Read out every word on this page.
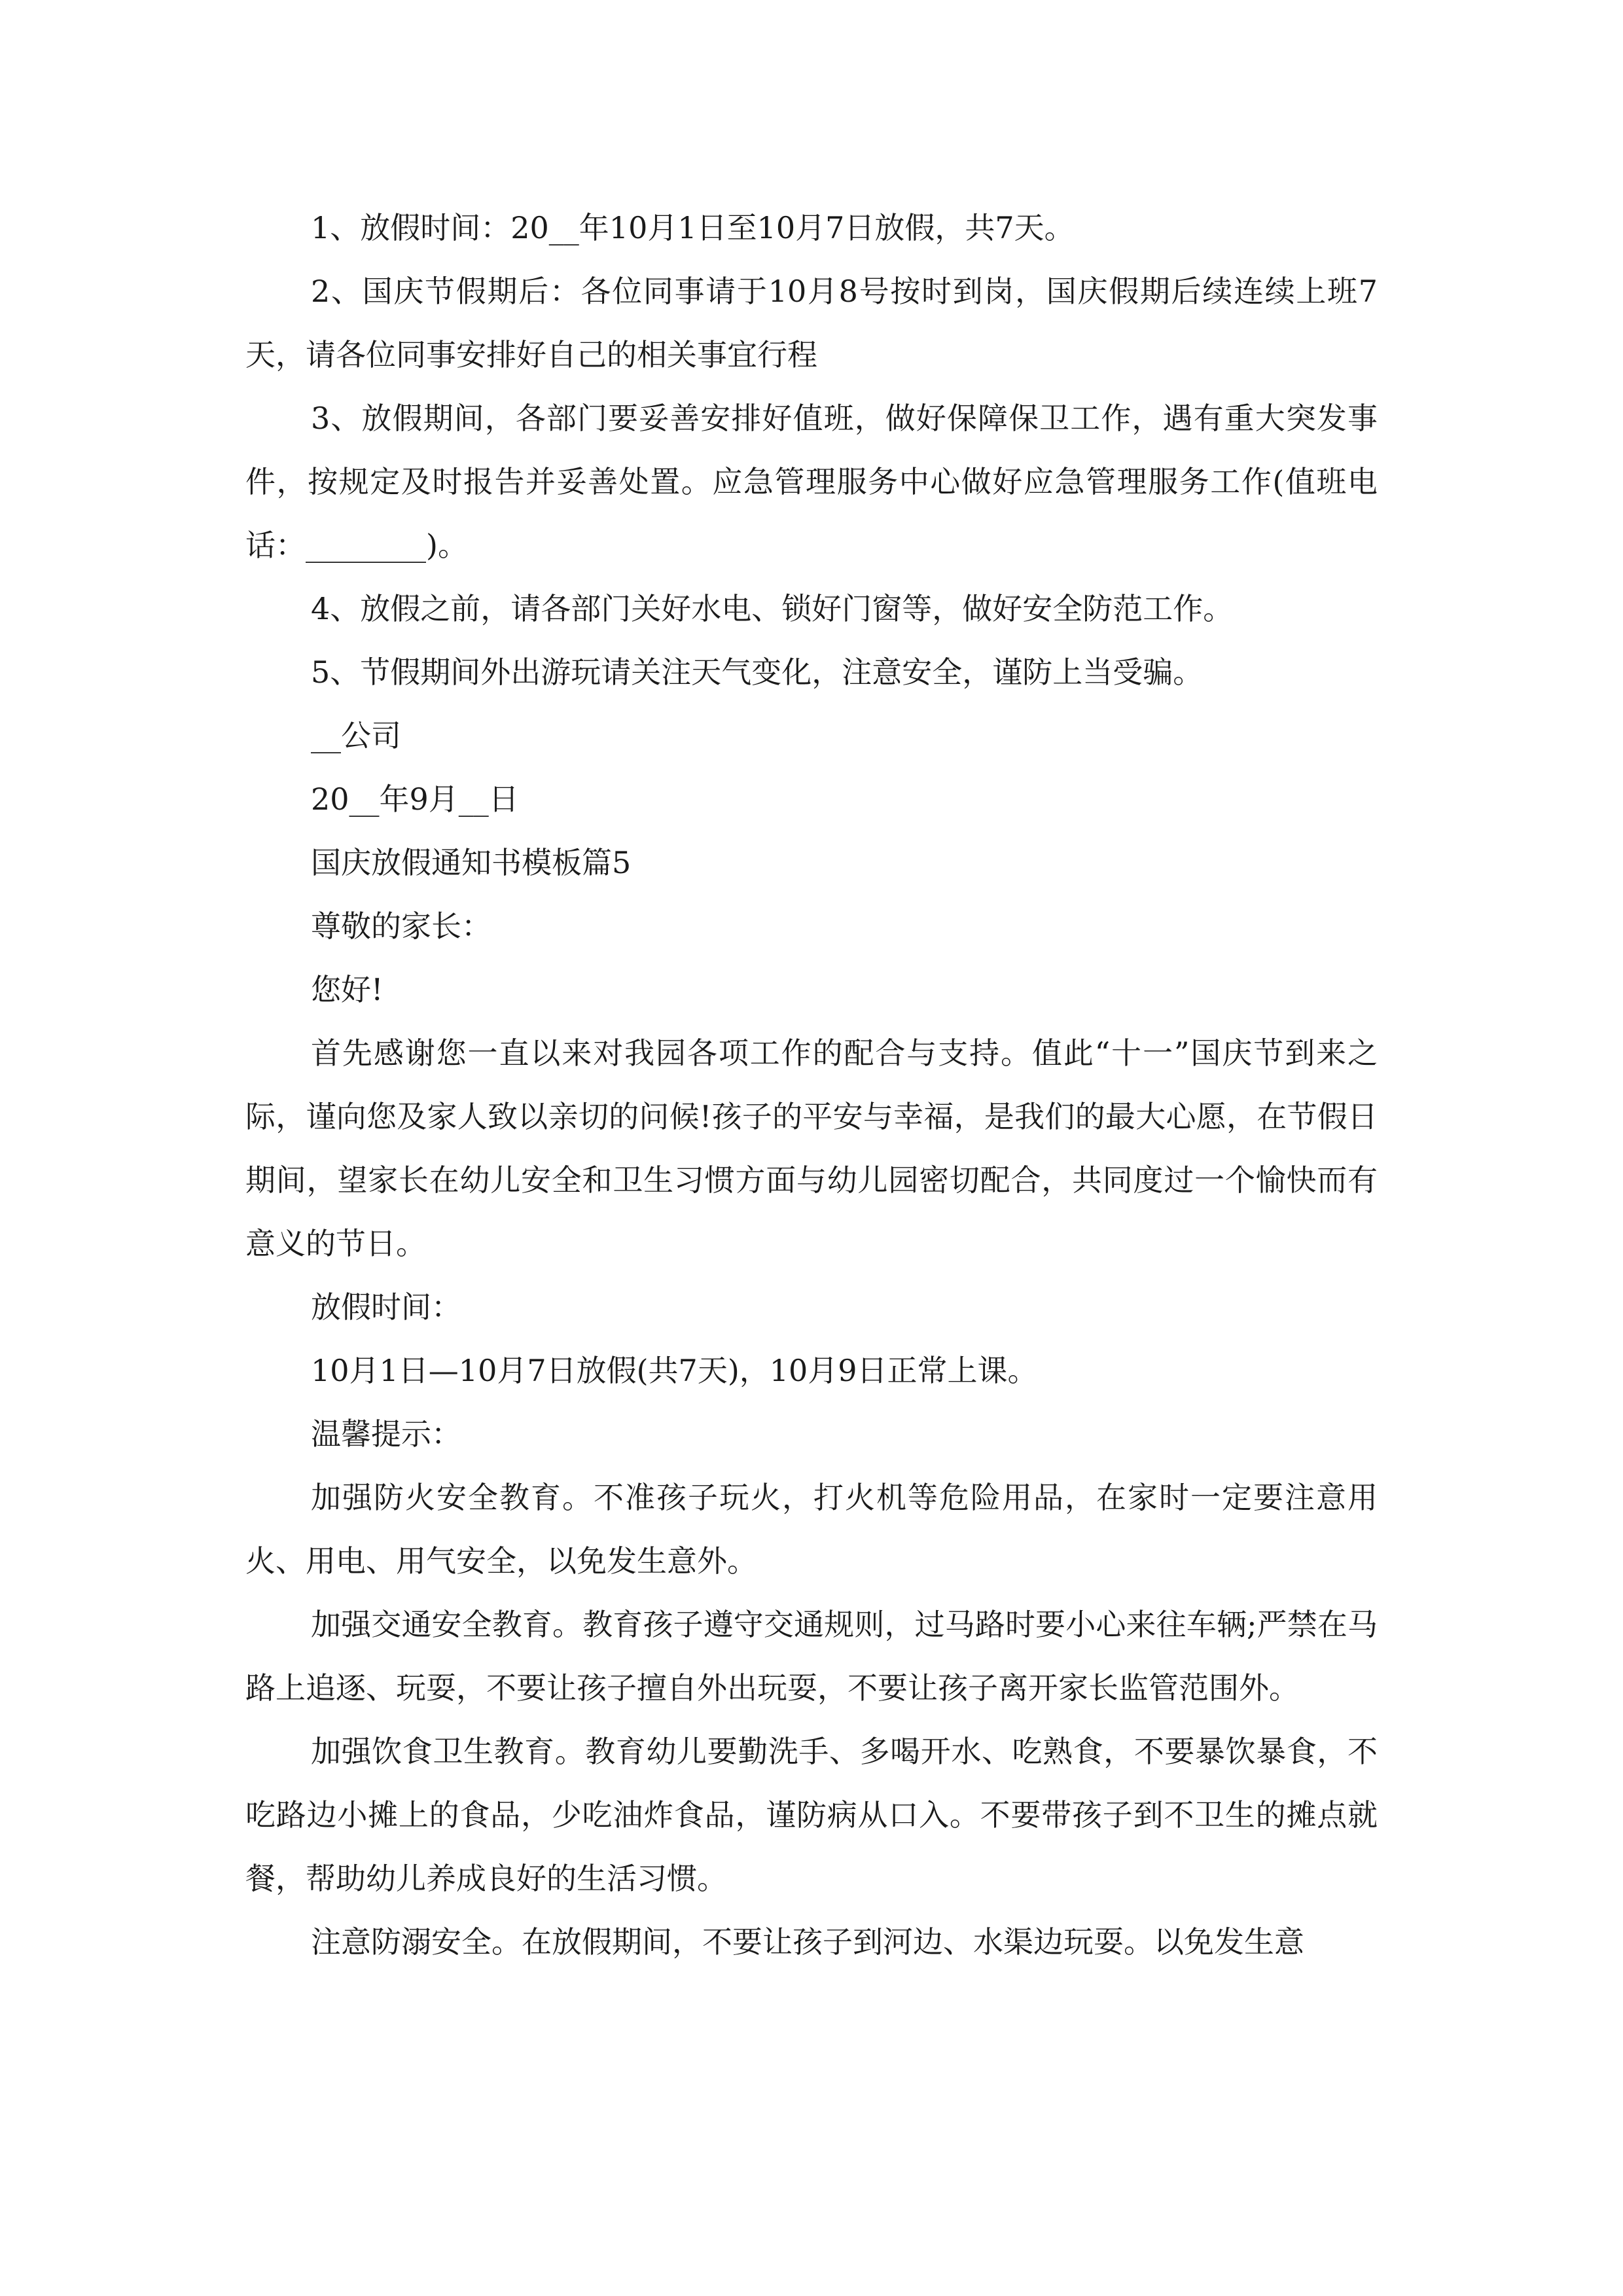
1、放假时间：20__年10月1日至10月7日放假，共7天。

2、国庆节假期后：各位同事请于10月8号按时到岗，国庆假期后续连续上班7天，请各位同事安排好自己的相关事宜行程

3、放假期间，各部门要妥善安排好值班，做好保障保卫工作，遇有重大突发事件，按规定及时报告并妥善处置。应急管理服务中心做好应急管理服务工作(值班电话：________)。

4、放假之前，请各部门关好水电、锁好门窗等，做好安全防范工作。

5、节假期间外出游玩请关注天气变化，注意安全，谨防上当受骗。

__公司

20__年9月__日

国庆放假通知书模板篇5

尊敬的家长：

您好!

首先感谢您一直以来对我园各项工作的配合与支持。值此“十一”国庆节到来之际，谨向您及家人致以亲切的问候!孩子的平安与幸福，是我们的最大心愿，在节假日期间，望家长在幼儿安全和卫生习惯方面与幼儿园密切配合，共同度过一个愉快而有意义的节日。

放假时间：

10月1日—10月7日放假(共7天)，10月9日正常上课。

温馨提示：

加强防火安全教育。不准孩子玩火，打火机等危险用品，在家时一定要注意用火、用电、用气安全，以免发生意外。

加强交通安全教育。教育孩子遵守交通规则，过马路时要小心来往车辆;严禁在马路上追逐、玩耍，不要让孩子擅自外出玩耍，不要让孩子离开家长监管范围外。

加强饮食卫生教育。教育幼儿要勤洗手、多喝开水、吃熟食，不要暴饮暴食，不吃路边小摊上的食品，少吃油炸食品，谨防病从口入。不要带孩子到不卫生的摊点就餐，帮助幼儿养成良好的生活习惯。

注意防溺安全。在放假期间，不要让孩子到河边、水渠边玩耍。以免发生意
